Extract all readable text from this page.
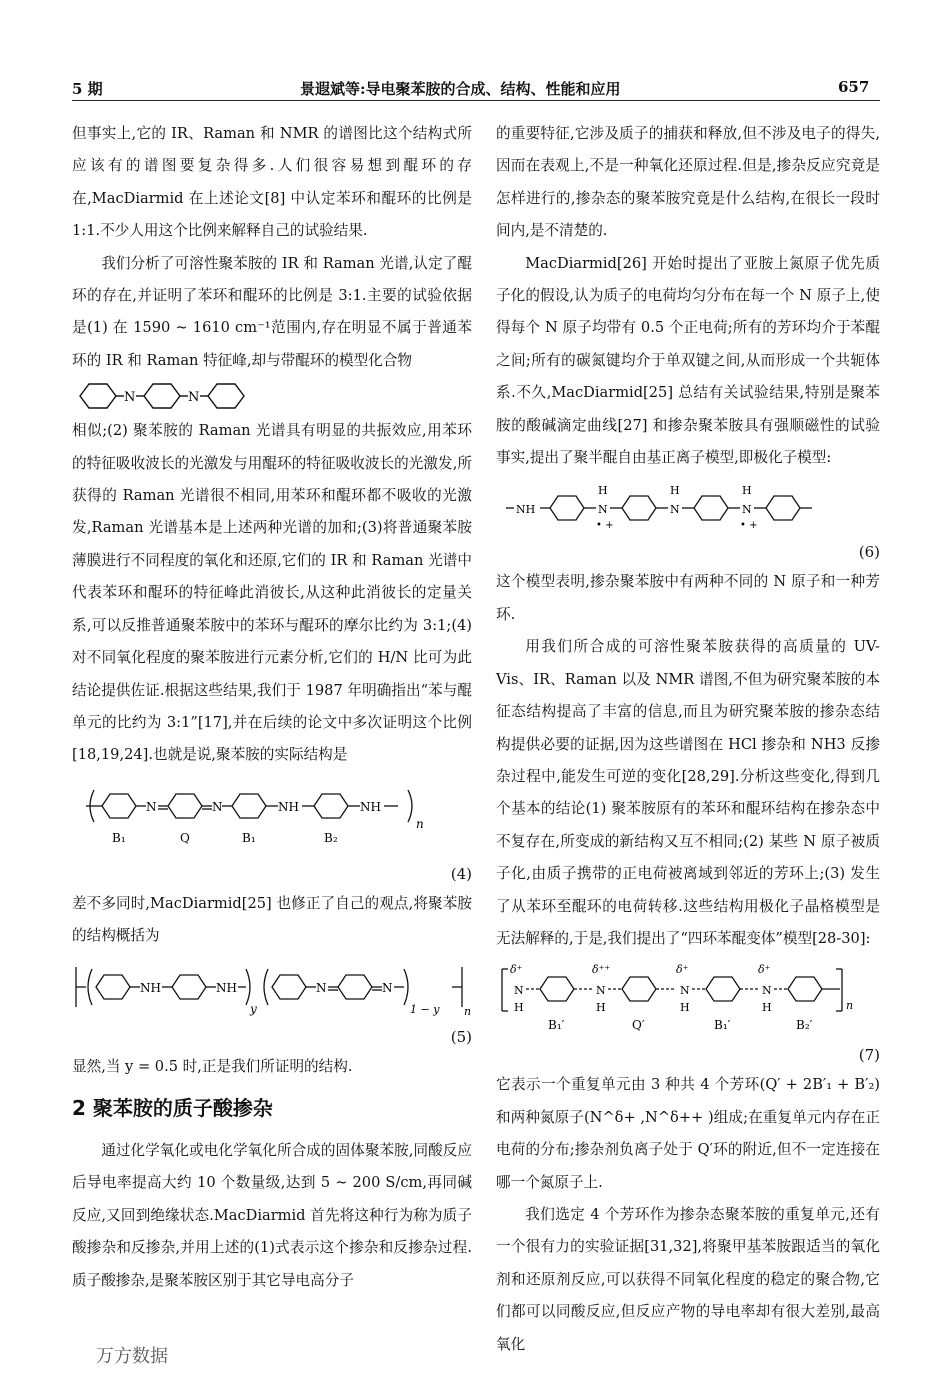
5 期	景遐斌等:导电聚苯胺的合成、结构、性能和应用	657

但事实上,它的 IR、Raman 和 NMR 的谱图比这个结构式所应该有的谱图要复杂得多.人们很容易想到醌环的存在,MacDiarmid 在上述论文[8] 中认定苯环和醌环的比例是 1:1.不少人用这个比例来解释自己的试验结果.

我们分析了可溶性聚苯胺的 IR 和 Raman 光谱,认定了醌环的存在,并证明了苯环和醌环的比例是 3:1.主要的试验依据是(1) 在 1590 ~ 1610 cm⁻¹范围内,存在明显不属于普通苯环的 IR 和 Raman 特征峰,却与带醌环的模型化合物

N	N

相似;(2) 聚苯胺的 Raman 光谱具有明显的共振效应,用苯环的特征吸收波长的光激发与用醌环的特征吸收波长的光激发,所获得的 Raman 光谱很不相同,用苯环和醌环都不吸收的光激发,Raman 光谱基本是上述两种光谱的加和;(3)将普通聚苯胺薄膜进行不同程度的氧化和还原,它们的 IR 和 Raman 光谱中代表苯环和醌环的特征峰此消彼长,从这种此消彼长的定量关系,可以反推普通聚苯胺中的苯环与醌环的摩尔比约为 3:1;(4)对不同氧化程度的聚苯胺进行元素分析,它们的 H/N 比可为此结论提供佐证.根据这些结果,我们于 1987 年明确指出“苯与醌单元的比约为 3:1”[17],并在后续的论文中多次证明这个比例[18,19,24].也就是说,聚苯胺的实际结构是

N	N	NH	NH
n
B₁	Q	B₁	B₂

(4)

差不多同时,MacDiarmid[25] 也修正了自己的观点,将聚苯胺的结构概括为

NH	NH
y
N	N
1 − y n

(5)

显然,当 y = 0.5 时,正是我们所证明的结构.

2 聚苯胺的质子酸掺杂

通过化学氧化或电化学氧化所合成的固体聚苯胺,同酸反应后导电率提高大约 10 个数量级,达到 5 ~ 200 S/cm,再同碱反应,又回到绝缘状态.MacDiarmid 首先将这种行为称为质子酸掺杂和反掺杂,并用上述的(1)式表示这个掺杂和反掺杂过程.质子酸掺杂,是聚苯胺区别于其它导电高分子

的重要特征,它涉及质子的捕获和释放,但不涉及电子的得失,因而在表观上,不是一种氧化还原过程.但是,掺杂反应究竟是怎样进行的,掺杂态的聚苯胺究竟是什么结构,在很长一段时间内,是不清楚的.

MacDiarmid[26] 开始时提出了亚胺上氮原子优先质子化的假设,认为质子的电荷均匀分布在每一个 N 原子上,使得每个 N 原子均带有 0.5 个正电荷;所有的芳环均介于苯醌之间;所有的碳氮键均介于单双键之间,从而形成一个共轭体系.不久,MacDiarmid[25] 总结有关试验结果,特别是聚苯胺的酸碱滴定曲线[27] 和掺杂聚苯胺具有强顺磁性的试验事实,提出了聚半醌自由基正离子模型,即极化子模型:

NH
H
N
• +
H
N
H
N
• +

(6)

这个模型表明,掺杂聚苯胺中有两种不同的 N 原子和一种芳环.

用我们所合成的可溶性聚苯胺获得的高质量的 UV-Vis、IR、Raman 以及 NMR 谱图,不但为研究聚苯胺的本征态结构提高了丰富的信息,而且为研究聚苯胺的掺杂态结构提供必要的证据,因为这些谱图在 HCl 掺杂和 NH3 反掺杂过程中,能发生可逆的变化[28,29].分析这些变化,得到几个基本的结论(1) 聚苯胺原有的苯环和醌环结构在掺杂态中不复存在,所变成的新结构又互不相同;(2) 某些 N 原子被质子化,由质子携带的正电荷被离域到邻近的芳环上;(3) 发生了从苯环至醌环的电荷转移.这些结构用极化子晶格模型是无法解释的,于是,我们提出了“四环苯醌变体”模型[28-30]:

δ⁺
N
H
δ⁺⁺
N
H
δ⁺
N
H
δ⁺
N
H	n
B₁′	Q′	B₁′	B₂′

(7)

它表示一个重复单元由 3 种共 4 个芳环(Q′ + 2B′₁ + B′₂)和两种氮原子(N^δ+ ,N^δ++ )组成;在重复单元内存在正电荷的分布;掺杂剂负离子处于 Q′环的附近,但不一定连接在哪一个氮原子上.

我们选定 4 个芳环作为掺杂态聚苯胺的重复单元,还有一个很有力的实验证据[31,32],将聚甲基苯胺跟适当的氧化剂和还原剂反应,可以获得不同氧化程度的稳定的聚合物,它们都可以同酸反应,但反应产物的导电率却有很大差别,最高氧化

万方数据
